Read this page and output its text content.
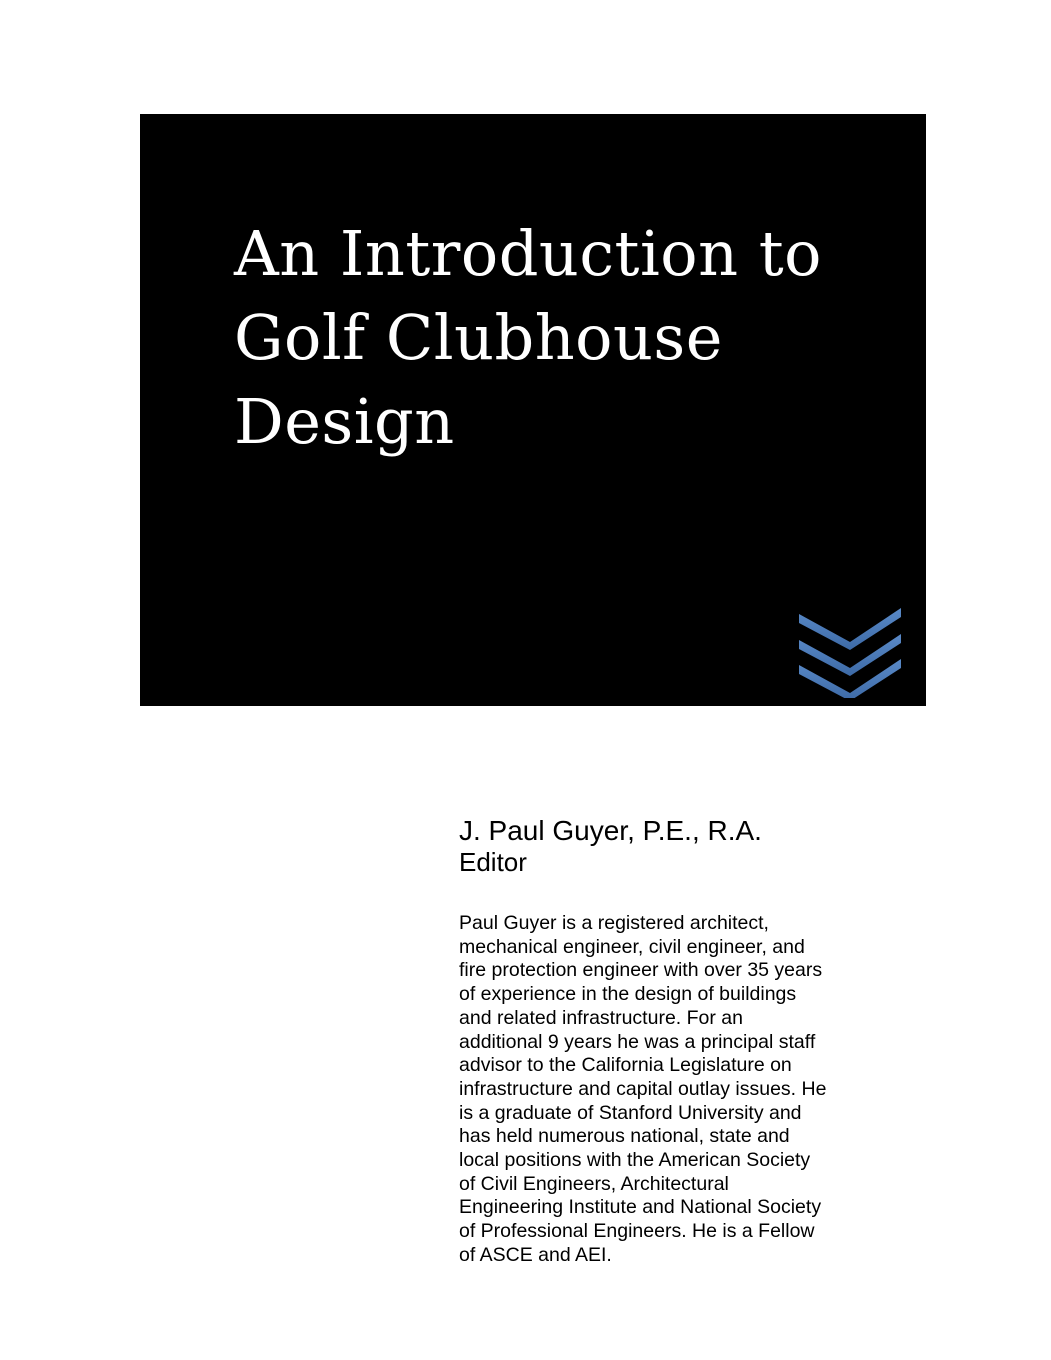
An Introduction to
Golf Clubhouse
Design
J. Paul Guyer, P.E., R.A.
Editor
Paul Guyer is a registered architect,
mechanical engineer, civil engineer, and
fire protection engineer with over 35 years
of experience in the design of buildings
and related infrastructure. For an
additional 9 years he was a principal staff
advisor to the California Legislature on
infrastructure and capital outlay issues. He
is a graduate of Stanford University and
has held numerous national, state and
local positions with the American Society
of Civil Engineers, Architectural
Engineering Institute and National Society
of Professional Engineers. He is a Fellow
of ASCE and AEI.
